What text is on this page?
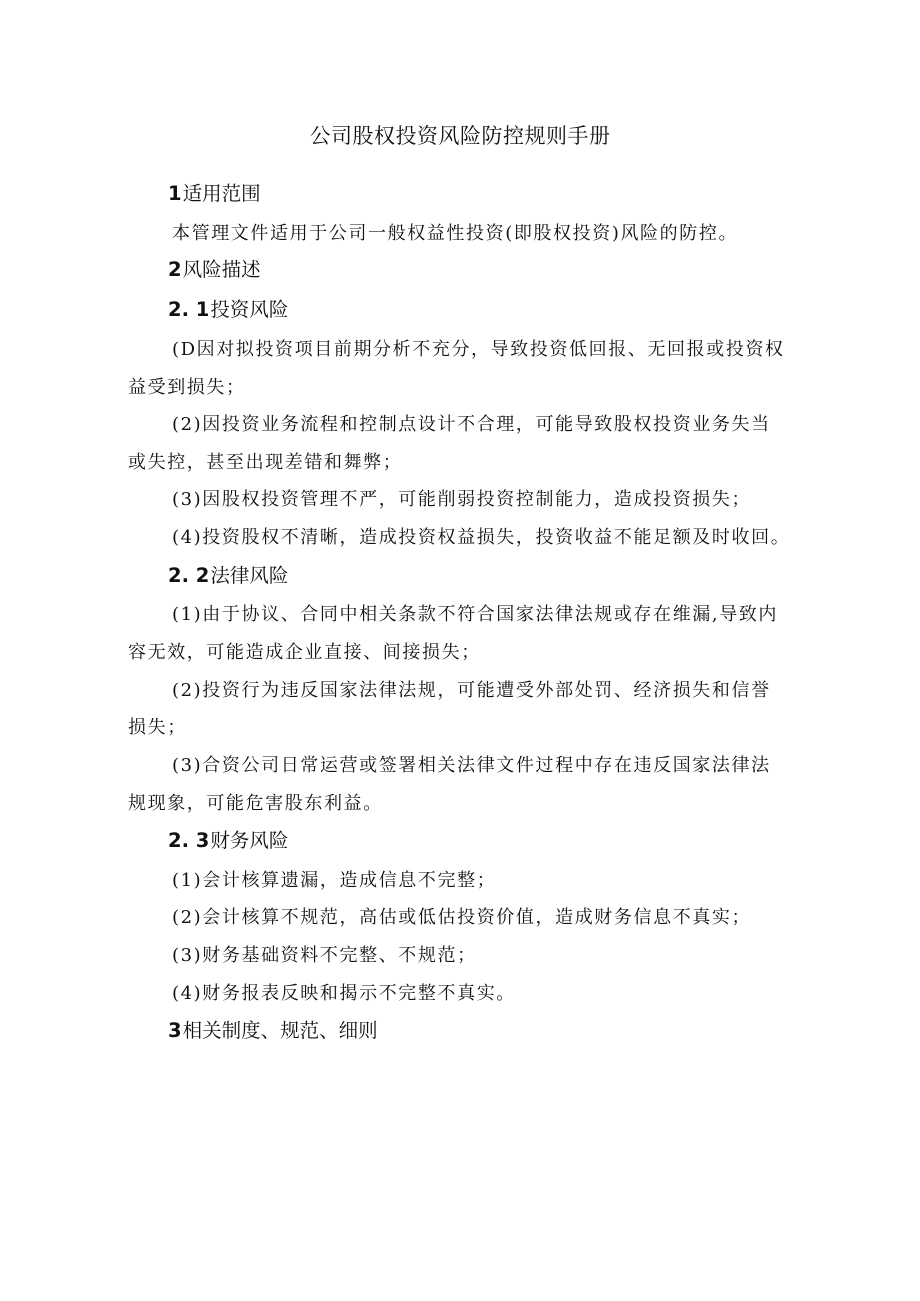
公司股权投资风险防控规则手册
1适用范围
本管理文件适用于公司一般权益性投资(即股权投资)风险的防控。
2风险描述
2. 1投资风险
(D因对拟投资项目前期分析不充分，导致投资低回报、无回报或投资权
益受到损失；
(2)因投资业务流程和控制点设计不合理，可能导致股权投资业务失当
或失控，甚至出现差错和舞弊；
(3)因股权投资管理不严，可能削弱投资控制能力，造成投资损失；
(4)投资股权不清晰，造成投资权益损失，投资收益不能足额及时收回。
2. 2法律风险
(1)由于协议、合同中相关条款不符合国家法律法规或存在维漏,导致内
容无效，可能造成企业直接、间接损失；
(2)投资行为违反国家法律法规，可能遭受外部处罚、经济损失和信誉
损失；
(3)合资公司日常运营或签署相关法律文件过程中存在违反国家法律法
规现象，可能危害股东利益。
2. 3财务风险
(1)会计核算遗漏，造成信息不完整；
(2)会计核算不规范，高估或低估投资价值，造成财务信息不真实；
(3)财务基础资料不完整、不规范；
(4)财务报表反映和揭示不完整不真实。
3相关制度、规范、细则
